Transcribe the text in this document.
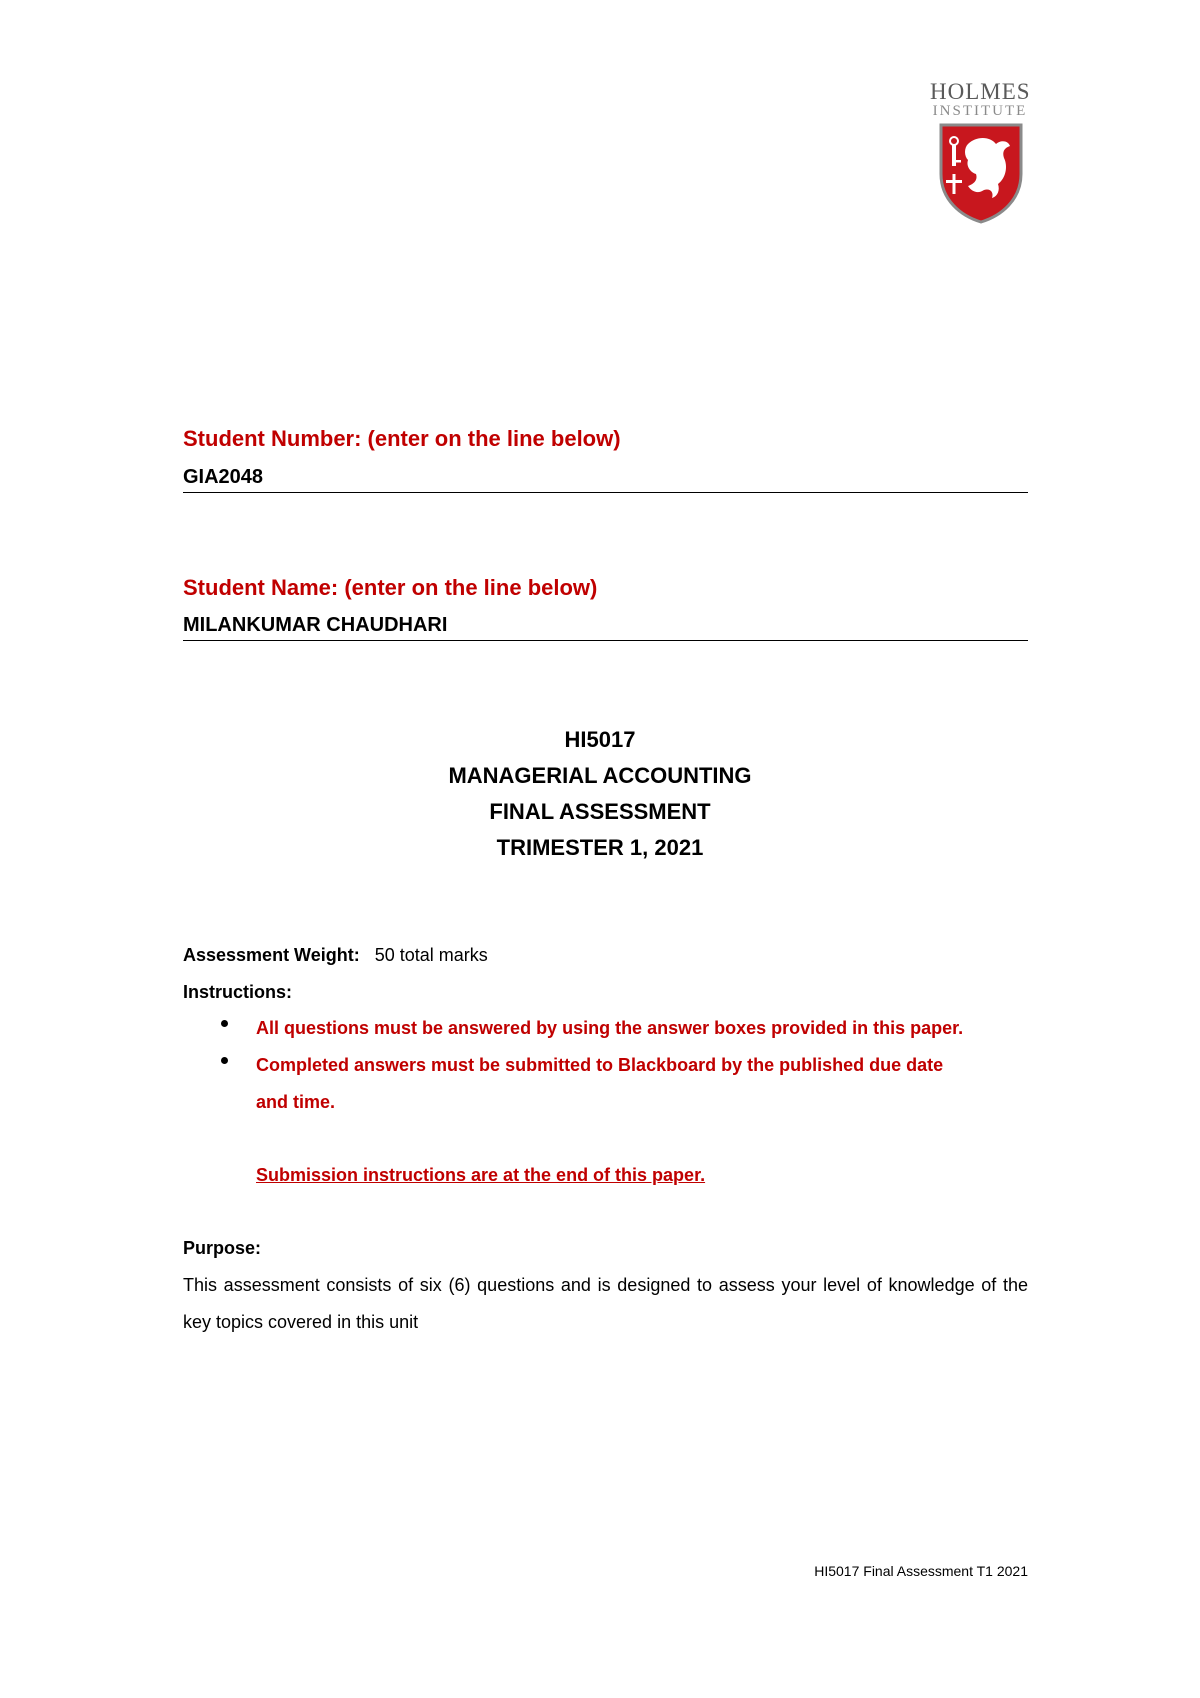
HOLMES
INSTITUTE
Student Number: (enter on the line below)
GIA2048
Student Name: (enter on the line below)
MILANKUMAR CHAUDHARI
HI5017
MANAGERIAL ACCOUNTING
FINAL ASSESSMENT
TRIMESTER 1, 2021
Assessment Weight: 50 total marks
Instructions:
All questions must be answered by using the answer boxes provided in this paper.
Completed answers must be submitted to Blackboard by the published due date
and time.
Submission instructions are at the end of this paper.
Purpose:
This assessment consists of six (6) questions and is designed to assess your level of knowledge of the key topics covered in this unit
HI5017 Final Assessment T1 2021
